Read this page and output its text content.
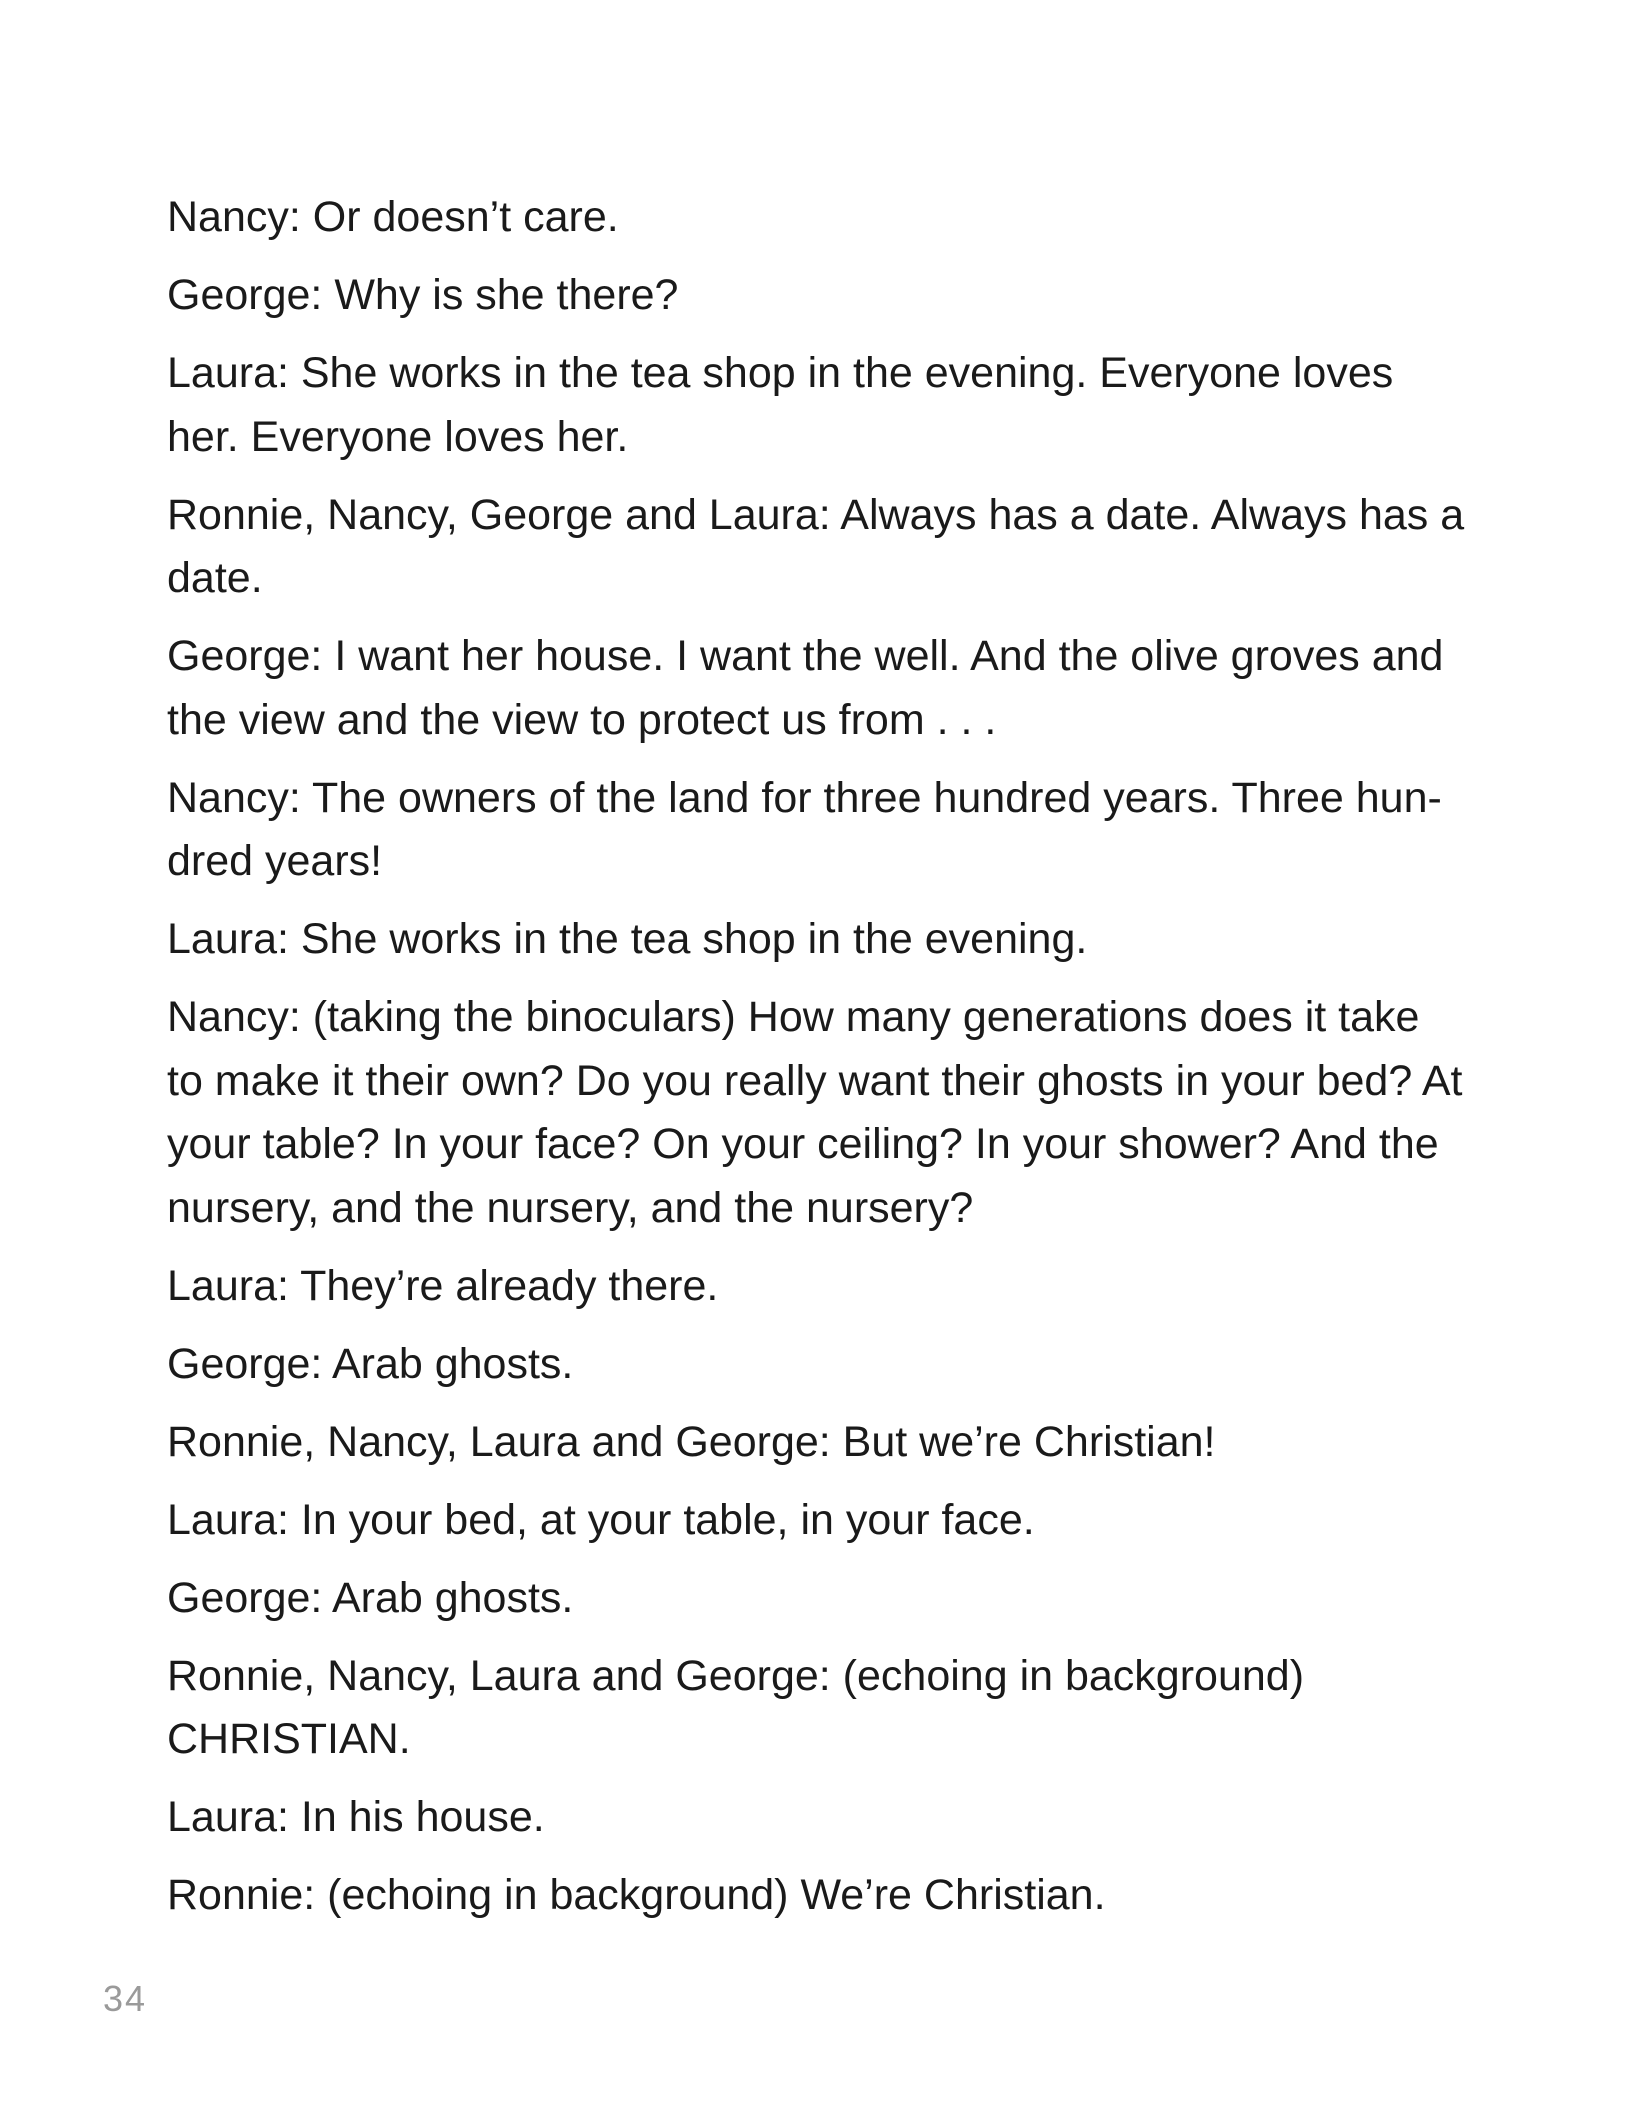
Nancy: Or doesn’t care.
George: Why is she there?
Laura: She works in the tea shop in the evening. Everyone loves
her. Everyone loves her.
Ronnie, Nancy, George and Laura: Always has a date. Always has a
date.
George: I want her house. I want the well. And the olive groves and
the view and the view to protect us from . . .
Nancy: The owners of the land for three hundred years. Three hun-
dred years!
Laura: She works in the tea shop in the evening.
Nancy: (taking the binoculars) How many generations does it take
to make it their own? Do you really want their ghosts in your bed? At
your table? In your face? On your ceiling? In your shower? And the
nursery, and the nursery, and the nursery?
Laura: They’re already there.
George: Arab ghosts.
Ronnie, Nancy, Laura and George: But we’re Christian!
Laura: In your bed, at your table, in your face.
George: Arab ghosts.
Ronnie, Nancy, Laura and George: (echoing in background)
CHRISTIAN.
Laura: In his house.
Ronnie: (echoing in background) We’re Christian.
34
